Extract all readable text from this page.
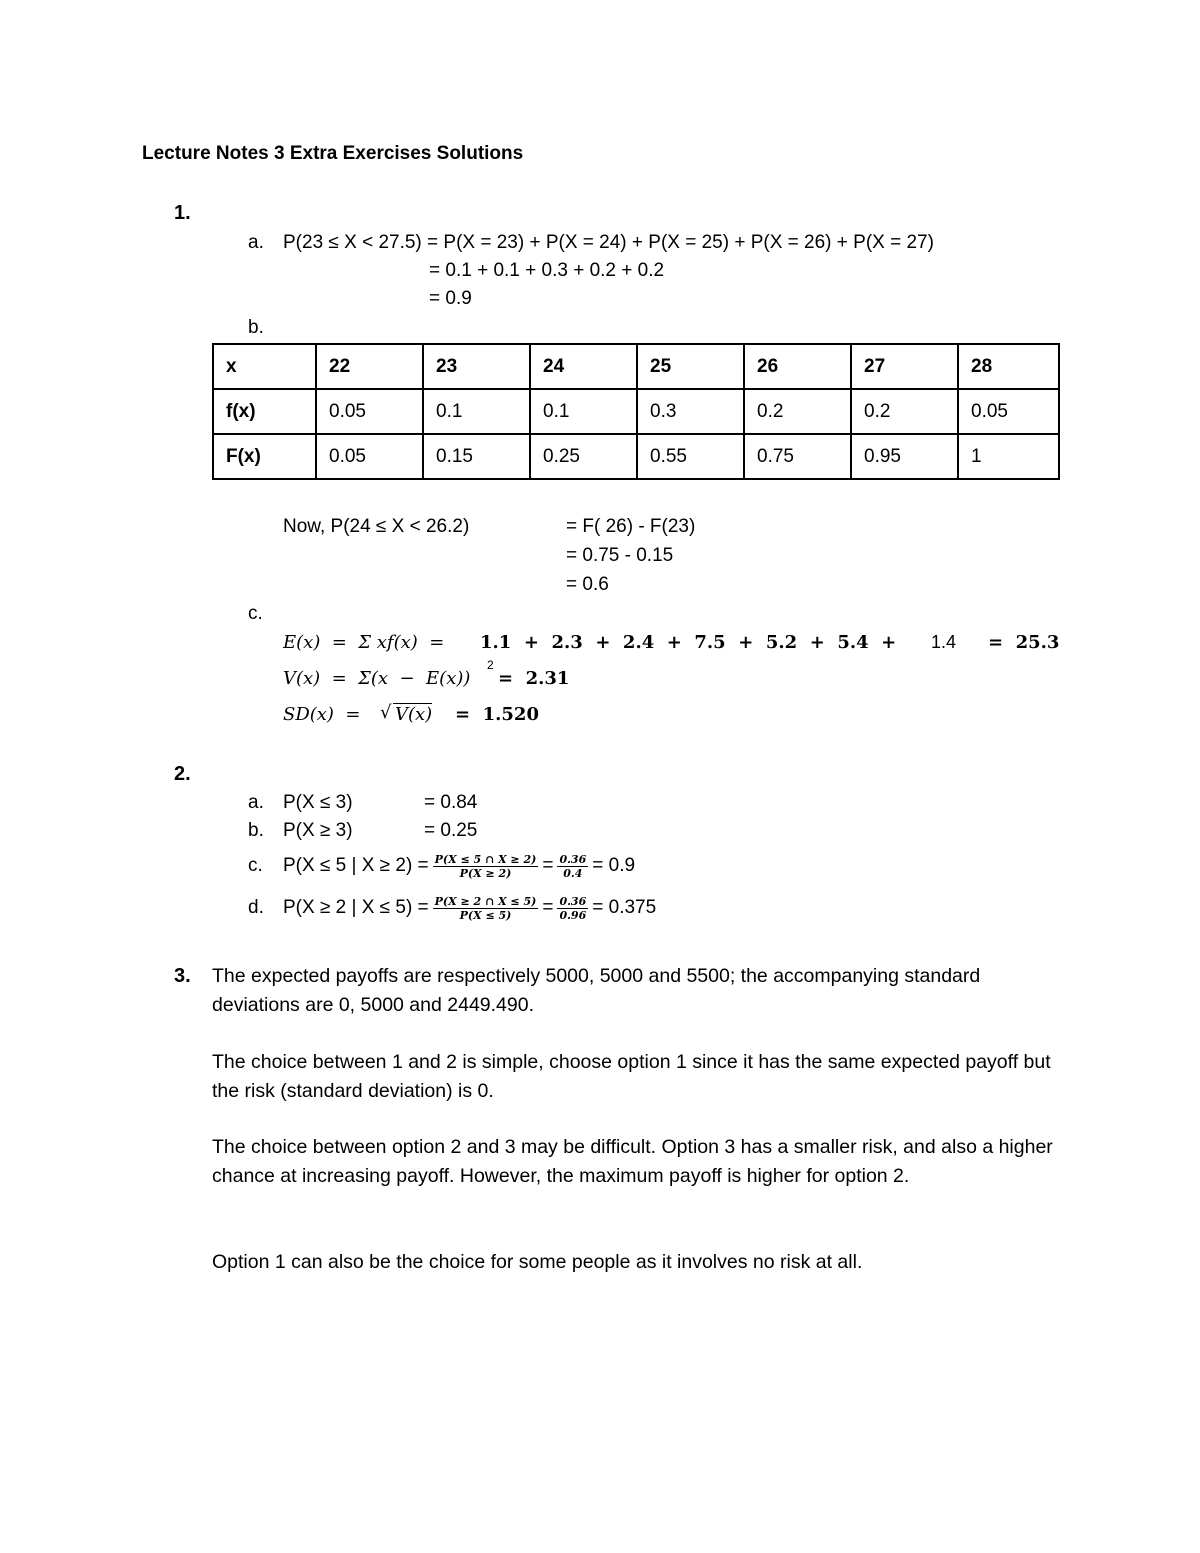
Lecture Notes 3 Extra Exercises Solutions
1.
a. P(23 ≤ X < 27.5) = P(X = 23) + P(X = 24) + P(X = 25) + P(X = 26) + P(X = 27)
= 0.1 + 0.1 + 0.3 + 0.2 + 0.2
= 0.9
b.
x	22	23	24	25	26	27	28
f(x)	0.05	0.1	0.1	0.3	0.2	0.2	0.05
F(x)	0.05	0.15	0.25	0.55	0.75	0.95	1
Now, P(24 ≤ X < 26.2)	= F( 26) - F(23)
= 0.75 - 0.15
= 0.6
c.
E(x)  =  Σ xf(x)  = 1.1  +  2.3  +  2.4  +  7.5  +  5.2  +  5.4  + 1.4 =  25.3
V(x)  =  Σ(x  −  E(x))
2
=  2.31
SD(x)  = √ V(x) =  1.520
2.
a. P(X ≤ 3)	= 0.84
b. P(X ≥ 3)	= 0.25
c. P(X ≤ 5 | $X \ge 2) = \frac{P(X \le 5 \cap X \ge 2)}{P(X \ge 2)} = \frac{0.36}{0.4} = 0.9$
d. P(X ≥ 2 | $X \le 5) = \frac{P(X \ge 2 \cap X \le 5)}{P(X \le 5)} = \frac{0.36}{0.96} = 0.375$
3. The expected payoffs are respectively 5000, 5000 and 5500; the accompanying standard deviations are 0, 5000 and 2449.490.
The choice between 1 and 2 is simple, choose option 1 since it has the same expected payoff but the risk (standard deviation) is 0.
The choice between option 2 and 3 may be difficult. Option 3 has a smaller risk, and also a higher chance at increasing payoff. However, the maximum payoff is higher for option 2.
Option 1 can also be the choice for some people as it involves no risk at all.
